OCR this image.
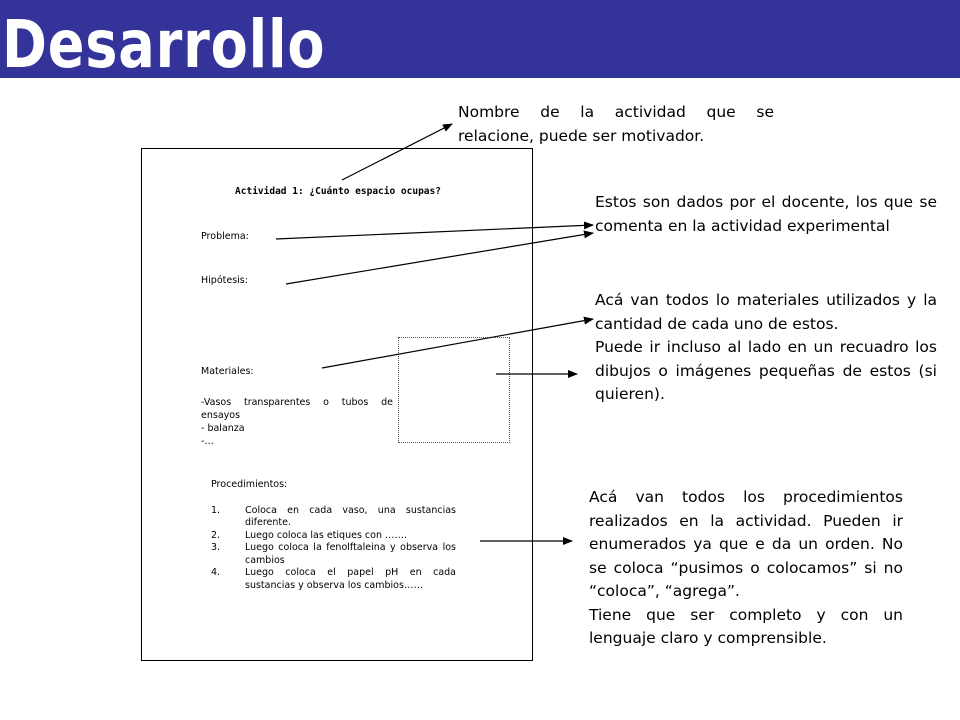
Desarrollo
Actividad 1: ¿Cuánto espacio ocupas?
Problema:
Hipótesis:
Materiales:
-Vasos transparentes o tubos de ensayos
- balanza
-…
Procedimientos:
1.	Coloca en cada vaso, una sustancias diferente.
2.	Luego coloca las etiques con …….
3.	Luego coloca la fenolftaleina y observa los cambios
4.	Luego coloca el papel pH en cada sustancias y observa los cambios……
Nombre de la actividad que se relacione, puede ser motivador.
Estos son dados por el docente, los que se comenta en la actividad experimental

Acá van todos lo materiales utilizados y la cantidad de cada uno de estos.

Puede ir incluso al lado en un recuadro los dibujos o imágenes pequeñas de estos (si quieren).

Acá van todos los procedimientos realizados en la actividad. Pueden ir enumerados ya que e da un orden. No se coloca “pusimos o colocamos” si no “coloca”, “agrega”.

Tiene que ser completo y con un lenguaje claro y comprensible.
